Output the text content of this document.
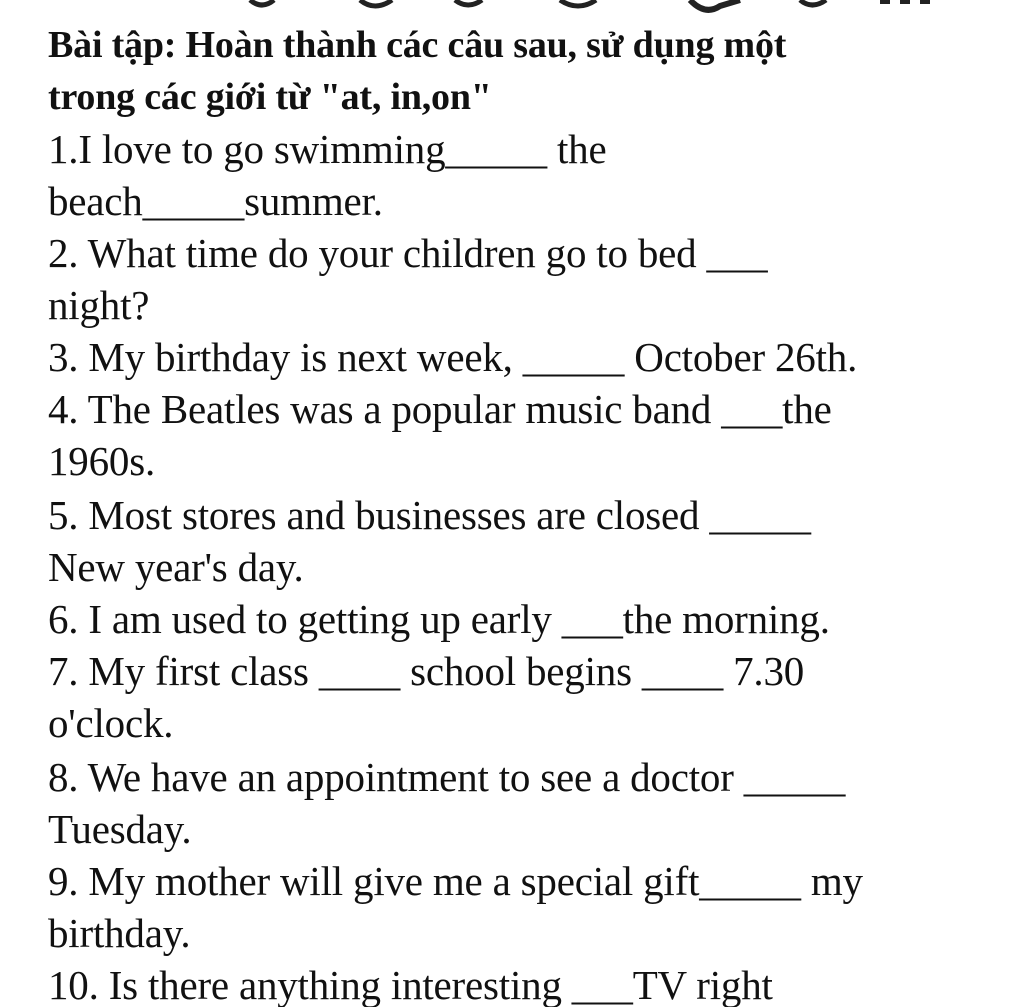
Bài tập: Hoàn thành các câu sau, sử dụng một
trong các giới từ "at, in,on"
1.I love to go swimming_____ the
beach_____summer.
2. What time do your children go to bed ___
night?
3. My birthday is next week, _____ October 26th.
4. The Beatles was a popular music band ___the
1960s.
5. Most stores and businesses are closed _____
New year's day.
6. I am used to getting up early ___the morning.
7. My first class ____ school begins ____ 7.30
o'clock.
8. We have an appointment to see a doctor _____
Tuesday.
9. My mother will give me a special gift_____ my
birthday.
10. Is there anything interesting ___TV right
